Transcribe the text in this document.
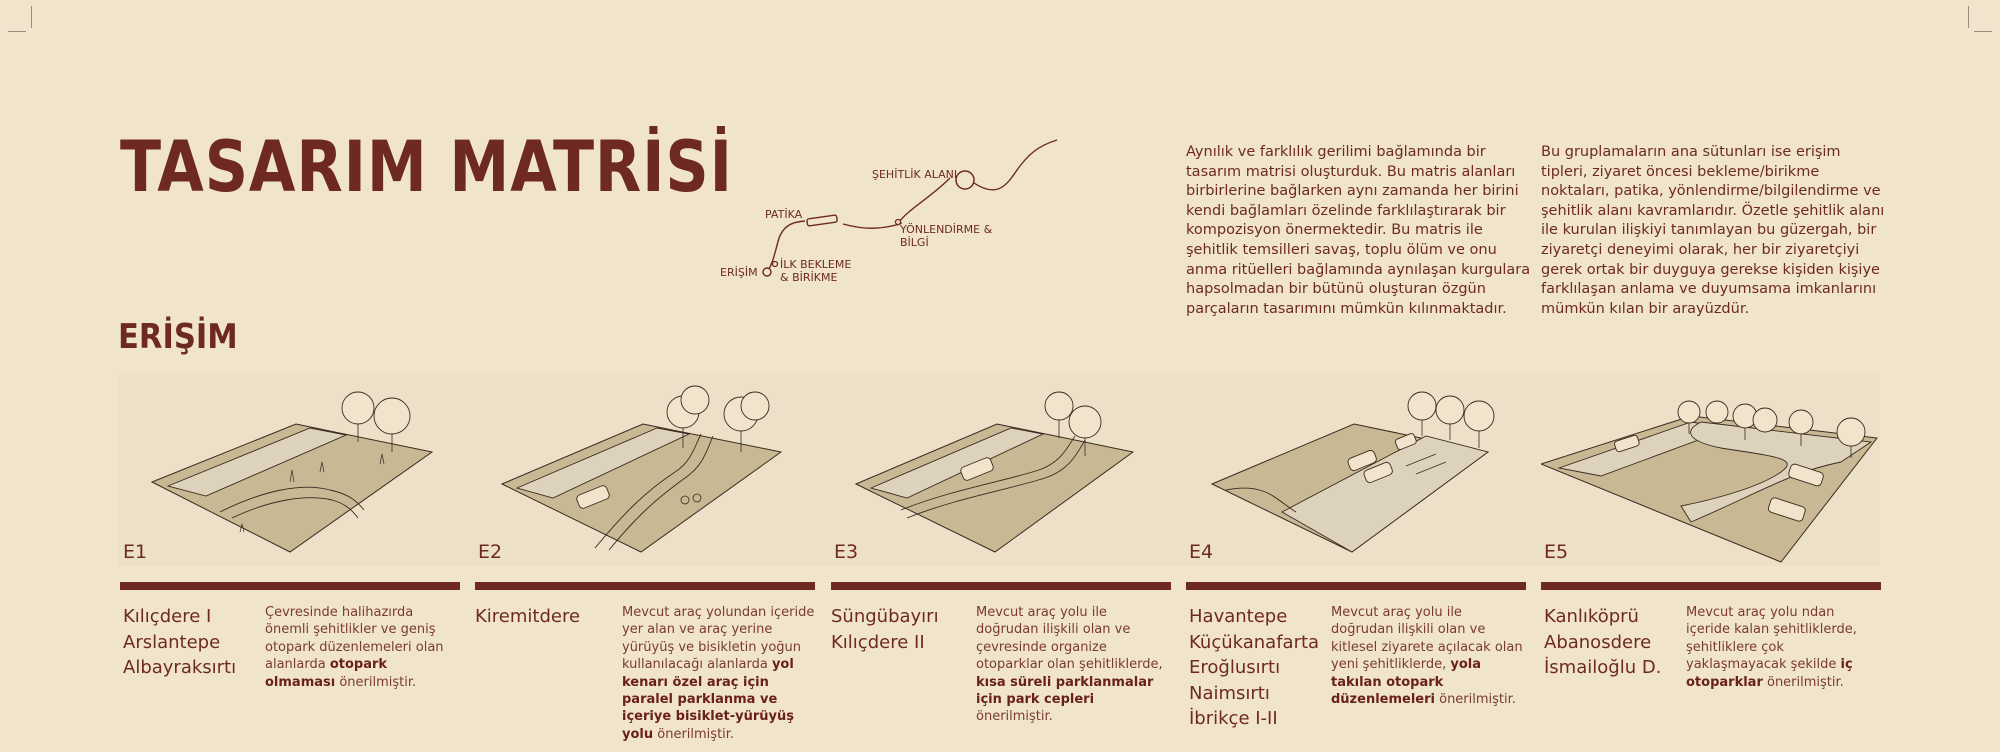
TASARIM MATRİSİ	ŞEHİTLİK ALANI
PATİKA
YÖNLENDİRME &
BİLGİ
ERİŞİM
İLK BEKLEME
& BİRİKME

Aynılık ve farklılık gerilimi bağlamında bir tasarım matrisi oluşturduk. Bu matris alanları birbirlerine bağlarken aynı zamanda her birini kendi bağlamları özelinde farklılaştırarak bir kompozisyon önermektedir. Bu matris ile şehitlik temsilleri savaş, toplu ölüm ve onu anma ritüelleri bağlamında aynılaşan kurgulara hapsolmadan bir bütünü oluşturan özgün parçaların tasarımını mümkün kılınmaktadır.

Bu gruplamaların ana sütunları ise erişim tipleri, ziyaret öncesi bekleme/birikme noktaları, patika, yönlendirme/bilgilendirme ve şehitlik alanı kavramlarıdır. Özetle şehitlik alanı ile kurulan ilişkiyi tanımlayan bu güzergah, bir ziyaretçi deneyimi olarak, her bir ziyaretçiyi gerek ortak bir duyguya gerekse kişiden kişiye farklılaşan anlama ve duyumsama imkanlarını mümkün kılan bir arayüzdür.

ERİŞİM
E1
Kılıçdere I
Arslantepe
Albayraksırtı
Çevresinde halihazırda önemli şehitlikler ve geniş otopark düzenlemeleri olan alanlarda otopark olmaması önerilmiştir.
E2
Kiremitdere	Mevcut araç yolundan içeride yer alan ve araç yerine yürüyüş ve bisikletin yoğun kullanılacağı alanlarda yol kenarı özel araç için paralel parklanma ve içeriye bisiklet-yürüyüş yolu önerilmiştir.
E3
Süngübayırı
Kılıçdere II
Mevcut araç yolu ile doğrudan ilişkili olan ve çevresinde organize otoparklar olan şehitliklerde, kısa süreli parklanmalar için park cepleri önerilmiştir.
E4
Havantepe
Küçükanafarta
Eroğlusırtı
Naimsırtı
İbrikçe I-II
Mevcut araç yolu ile doğrudan ilişkili olan ve kitlesel ziyarete açılacak olan yeni şehitliklerde, yola takılan otopark düzenlemeleri önerilmiştir.
E5
Kanlıköprü
Abanosdere
İsmailoğlu D.
Mevcut araç yolu ndan içeride kalan şehitliklerde, şehitliklere çok yaklaşmayacak şekilde iç otoparklar önerilmiştir.
